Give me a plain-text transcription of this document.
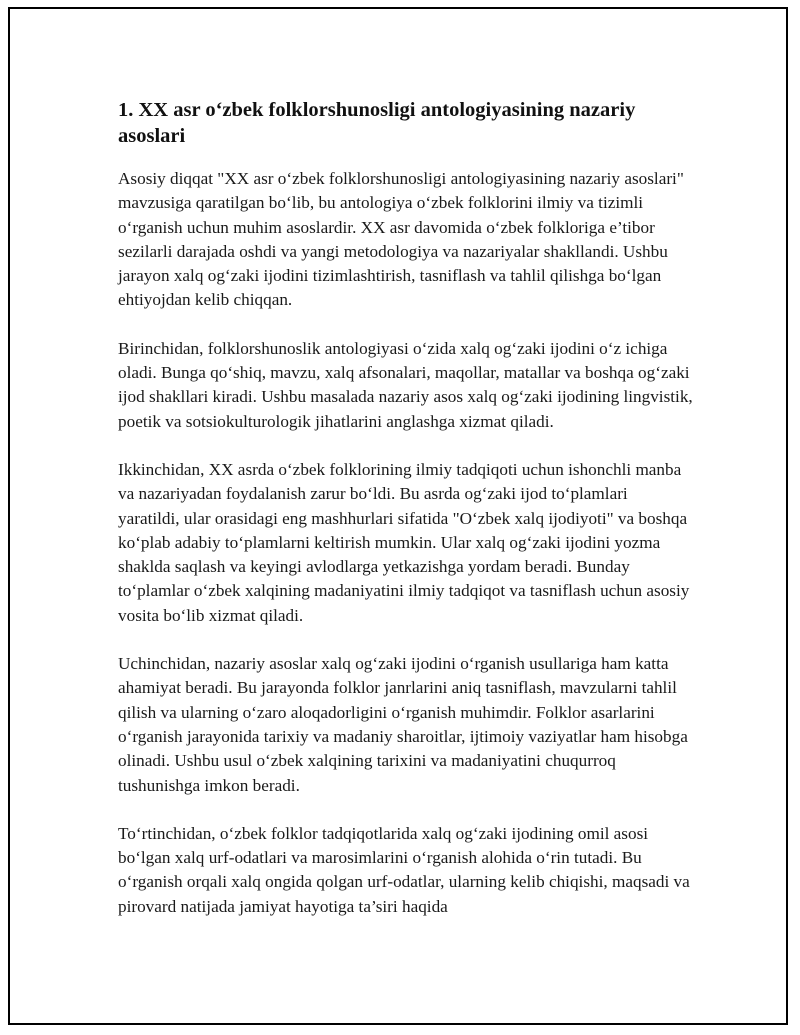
1. XX asr o‘zbek folklorshunosligi antologiyasining nazariy asoslari

Asosiy diqqat "XX asr o‘zbek folklorshunosligi antologiyasining nazariy asoslari" mavzusiga qaratilgan bo‘lib, bu antologiya o‘zbek folklorini ilmiy va tizimli o‘rganish uchun muhim asoslardir. XX asr davomida o‘zbek folkloriga e’tibor sezilarli darajada oshdi va yangi metodologiya va nazariyalar shakllandi. Ushbu jarayon xalq og‘zaki ijodini tizimlashtirish, tasniflash va tahlil qilishga bo‘lgan ehtiyojdan kelib chiqqan.

Birinchidan, folklorshunoslik antologiyasi o‘zida xalq og‘zaki ijodini o‘z ichiga oladi. Bunga qo‘shiq, mavzu, xalq afsonalari, maqollar, matallar va boshqa og‘zaki ijod shakllari kiradi. Ushbu masalada nazariy asos xalq og‘zaki ijodining lingvistik, poetik va sotsiokulturologik jihatlarini anglashga xizmat qiladi.

Ikkinchidan, XX asrda o‘zbek folklorining ilmiy tadqiqoti uchun ishonchli manba va nazariyadan foydalanish zarur bo‘ldi. Bu asrda og‘zaki ijod to‘plamlari yaratildi, ular orasidagi eng mashhurlari sifatida "O‘zbek xalq ijodiyoti" va boshqa ko‘plab adabiy to‘plamlarni keltirish mumkin. Ular xalq og‘zaki ijodini yozma shaklda saqlash va keyingi avlodlarga yetkazishga yordam beradi. Bunday to‘plamlar o‘zbek xalqining madaniyatini ilmiy tadqiqot va tasniflash uchun asosiy vosita bo‘lib xizmat qiladi.

Uchinchidan, nazariy asoslar xalq og‘zaki ijodini o‘rganish usullariga ham katta ahamiyat beradi. Bu jarayonda folklor janrlarini aniq tasniflash, mavzularni tahlil qilish va ularning o‘zaro aloqadorligini o‘rganish muhimdir. Folklor asarlarini o‘rganish jarayonida tarixiy va madaniy sharoitlar, ijtimoiy vaziyatlar ham hisobga olinadi. Ushbu usul o‘zbek xalqining tarixini va madaniyatini chuqurroq tushunishga imkon beradi.

To‘rtinchidan, o‘zbek folklor tadqiqotlarida xalq og‘zaki ijodining omil asosi bo‘lgan xalq urf-odatlari va marosimlarini o‘rganish alohida o‘rin tutadi. Bu o‘rganish orqali xalq ongida qolgan urf-odatlar, ularning kelib chiqishi, maqsadi va pirovard natijada jamiyat hayotiga ta’siri haqida
